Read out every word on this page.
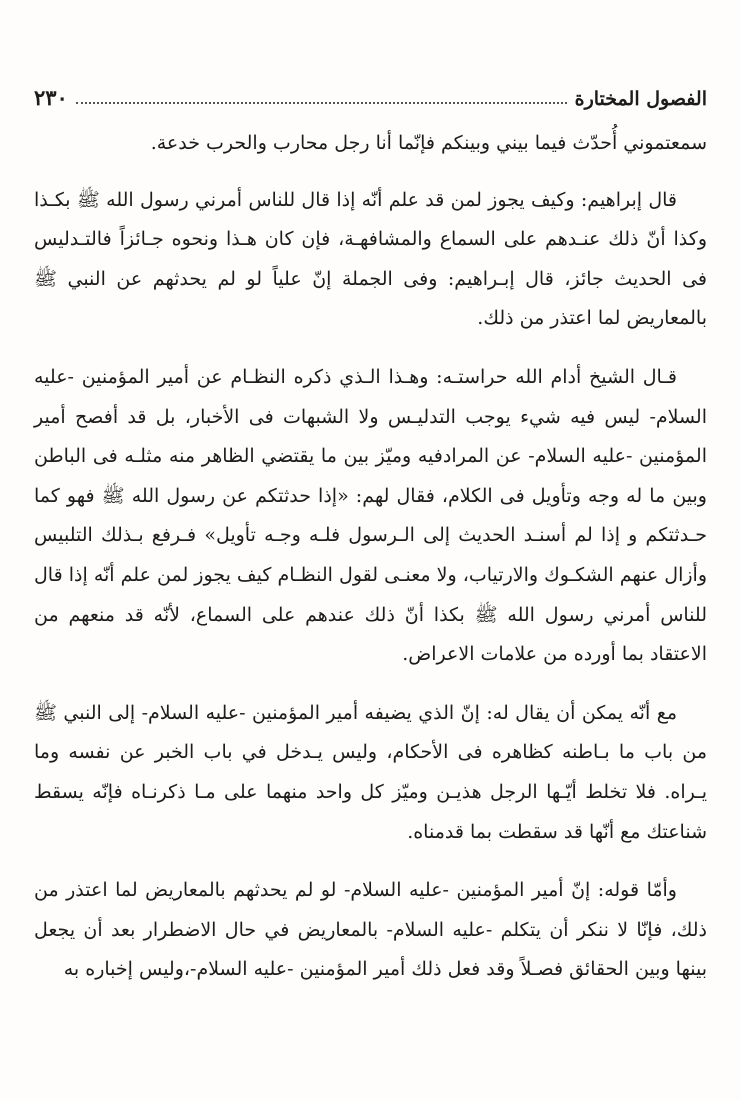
الفصول المختارة
٢٣٠

سمعتموني أُحدّث فيما بيني وبينكم فإنّما أنا رجل محارب والحرب خدعة.

قال إبراهيم: وكيف يجوز لمن قد علم أنّه إذا قال للناس أمرني رسول الله ﷺ بكـذا وكذا أنّ ذلك عنـدهم على السماع والمشافهـة، فإن كان هـذا ونحوه جـائزاً فالتـدليس فى الحديث جائز، قال إبـراهيم: وفى الجملة إنّ علياً لو لم يحدثهم عن النبي ﷺ بالمعاريض لما اعتذر من ذلك.

قـال الشيخ أدام الله حراستـه: وهـذا الـذي ذكره النظـام عن أمير المؤمنين -عليه السلام- ليس فيه شيء يوجب التدليـس ولا الشبهات فى الأخبار، بل قد أفصح أمير المؤمنين -عليه السلام- عن المرادفيه وميّز بين ما يقتضي الظاهر منه مثلـه فى الباطن وبين ما له وجه وتأويل فى الكلام، فقال لهم: «إذا حدثتكم عن رسول الله ﷺ فهو كما حـدثتكم و إذا لم أسنـد الحديث إلى الـرسول فلـه وجـه تأويل» فـرفع بـذلك التلبيس وأزال عنهم الشكـوك والارتياب، ولا معنـى لقول النظـام كيف يجوز لمن علم أنّه إذا قال للناس أمرني رسول الله ﷺ بكذا أنّ ذلك عندهم على السماع، لأنّه قد منعهم من الاعتقاد بما أورده من علامات الاعراض.

مع أنّه يمكن أن يقال له: إنّ الذي يضيفه أمير المؤمنين -عليه السلام- إلى النبي ﷺ من باب ما بـاطنه كظاهره فى الأحكام، وليس يـدخل في باب الخبر عن نفسه وما يـراه. فلا تخلط أيّـها الرجل هذيـن وميّز كل واحد منهما على مـا ذكرنـاه فإنّه يسقط شناعتك مع أنّها قد سقطت بما قدمناه.

وأمّا قوله: إنّ أمير المؤمنين -عليه السلام- لو لم يحدثهم بالمعاريض لما اعتذر من ذلك، فإنّا لا ننكر أن يتكلم -عليه السلام- بالمعاريض في حال الاضطرار بعد أن يجعل بينها وبين الحقائق فصـلاً وقد فعل ذلك أمير المؤمنين -عليه السلام-،وليس إخباره به
